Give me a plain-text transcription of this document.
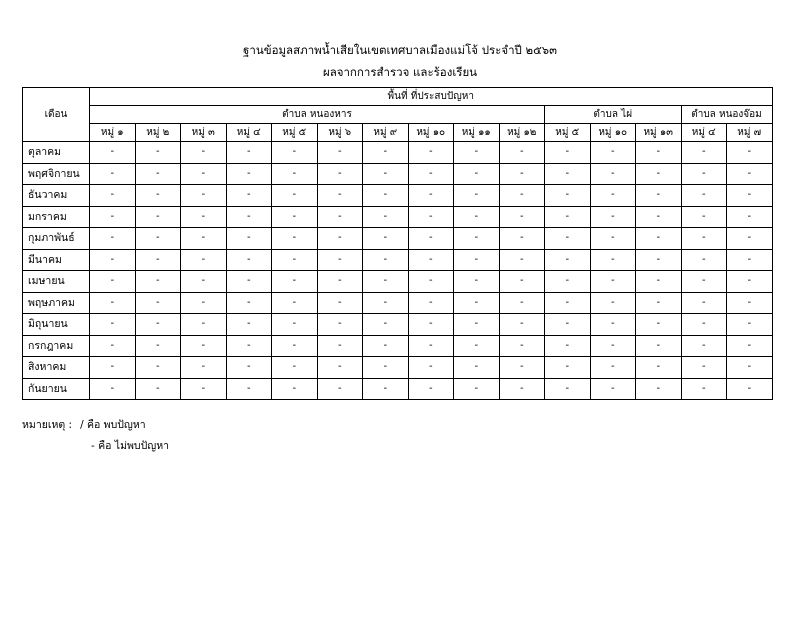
ฐานข้อมูลสภาพน้ำเสียในเขตเทศบาลเมืองแม่โจ้ ประจำปี ๒๕๖๓
ผลจากการสำรวจ และร้องเรียน
เดือน	พื้นที่ ที่ประสบปัญหา														
	ตำบล หนองหาร										ตำบล ไผ่			ตำบล หนองจ๊อม	
	หมู่ ๑	หมู่ ๒	หมู่ ๓	หมู่ ๔	หมู่ ๕	หมู่ ๖	หมู่ ๙	หมู่ ๑๐	หมู่ ๑๑	หมู่ ๑๒	หมู่ ๕	หมู่ ๑๐	หมู่ ๑๓	หมู่ ๔	หมู่ ๗
ตุลาคม	-	-	-	-	-	-	-	-	-	-	-	-	-	-	-
พฤศจิกายน	-	-	-	-	-	-	-	-	-	-	-	-	-	-	-
ธันวาคม	-	-	-	-	-	-	-	-	-	-	-	-	-	-	-
มกราคม	-	-	-	-	-	-	-	-	-	-	-	-	-	-	-
กุมภาพันธ์	-	-	-	-	-	-	-	-	-	-	-	-	-	-	-
มีนาคม	-	-	-	-	-	-	-	-	-	-	-	-	-	-	-
เมษายน	-	-	-	-	-	-	-	-	-	-	-	-	-	-	-
พฤษภาคม	-	-	-	-	-	-	-	-	-	-	-	-	-	-	-
มิถุนายน	-	-	-	-	-	-	-	-	-	-	-	-	-	-	-
กรกฎาคม	-	-	-	-	-	-	-	-	-	-	-	-	-	-	-
สิงหาคม	-	-	-	-	-	-	-	-	-	-	-	-	-	-	-
กันยายน	-	-	-	-	-	-	-	-	-	-	-	-	-	-	-
หมายเหตุ : / คือ พบปัญหา
- คือ ไม่พบปัญหา
